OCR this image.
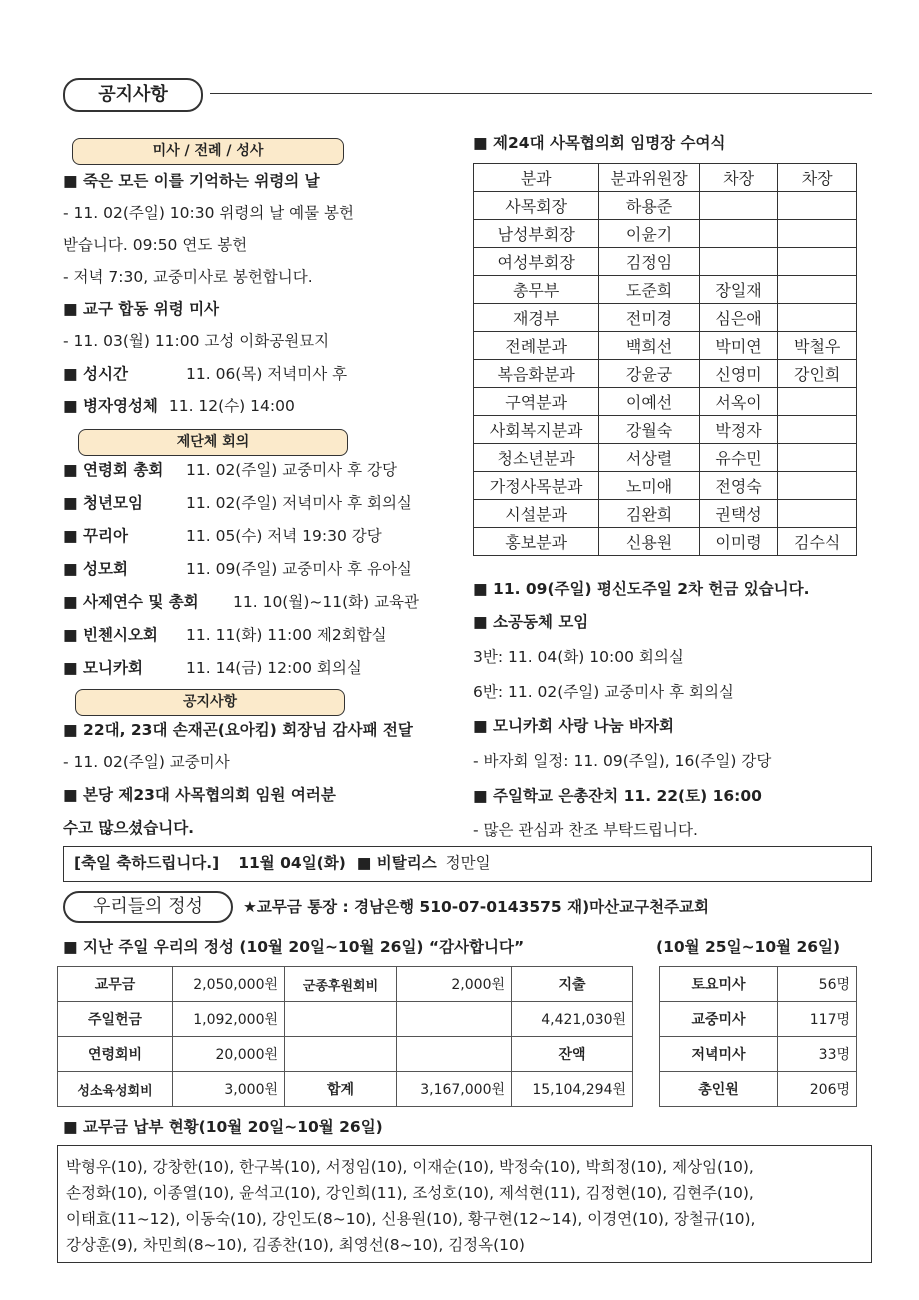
공지사항
미사 / 전례 / 성사
■ 죽은 모든 이를 기억하는 위령의 날
- 11. 02(주일) 10:30 위령의 날 예물 봉헌
받습니다. 09:50 연도 봉헌
- 저녁 7:30, 교중미사로 봉헌합니다.
■ 교구 합동 위령 미사
- 11. 03(월) 11:00 고성 이화공원묘지
■ 성시간	11. 06(목) 저녁미사 후
■ 병자영성체 11. 12(수) 14:00
제단체 회의
■ 연령회 총회 11. 02(주일) 교중미사 후 강당
■ 청년모임	11. 02(주일) 저녁미사 후 회의실
■ 꾸리아	11. 05(수) 저녁 19:30 강당
■ 성모회	11. 09(주일) 교중미사 후 유아실
■ 사제연수 및 총회 11. 10(월)~11(화) 교육관
■ 빈첸시오회 11. 11(화) 11:00 제2회합실
■ 모니카회	11. 14(금) 12:00 회의실
공지사항
■ 22대, 23대 손재곤(요아킴) 회장님 감사패 전달
- 11. 02(주일) 교중미사
■ 본당 제23대 사목협의회 임원 여러분
수고 많으셨습니다.
■ 제24대 사목협의회 임명장 수여식
분과	분과위원장	차장	차장
사목회장	하용준		
남성부회장	이윤기		
여성부회장	김정임		
총무부	도준희	장일재	
재경부	전미경	심은애	
전례분과	백희선	박미연	박철우
복음화분과	강윤궁	신영미	강인희
구역분과	이예선	서옥이	
사회복지분과	강월숙	박정자	
청소년분과	서상렬	유수민	
가정사목분과	노미애	전영숙	
시설분과	김완희	권택성	
홍보분과	신용원	이미령	김수식
■ 11. 09(주일) 평신도주일 2차 헌금 있습니다.
■ 소공동체 모임
3반: 11. 04(화) 10:00 회의실
6반: 11. 02(주일) 교중미사 후 회의실
■ 모니카회 사랑 나눔 바자회
- 바자회 일정: 11. 09(주일), 16(주일) 강당
■ 주일학교 은총잔치 11. 22(토) 16:00
- 많은 관심과 찬조 부탁드립니다.
[축일 축하드립니다.] 11월 04일(화) ■ 비탈리스 정만일
우리들의 정성	★교무금 통장 : 경남은행 510-07-0143575 재)마산교구천주교회
■ 지난 주일 우리의 정성 (10월 20일~10월 26일) “감사합니다”	(10월 25일~10월 26일)
교무금	2,050,000원	군종후원회비	2,000원	지출
주일헌금	1,092,000원			4,421,030원
연령회비	20,000원			잔액
성소육성회비	3,000원	합계	3,167,000원	15,104,294원
토요미사	56명
교중미사	117명
저녁미사	33명
총인원	206명
■ 교무금 납부 현황(10월 20일~10월 26일)
박형우(10), 강창한(10), 한구복(10), 서정임(10), 이재순(10), 박정숙(10), 박희정(10), 제상임(10),
손정화(10), 이종열(10), 윤석고(10), 강인희(11), 조성호(10), 제석현(11), 김정현(10), 김현주(10),
이태효(11~12), 이동숙(10), 강인도(8~10), 신용원(10), 황구현(12~14), 이경연(10), 장철규(10),
강상훈(9), 차민희(8~10), 김종찬(10), 최영선(8~10), 김정옥(10)
